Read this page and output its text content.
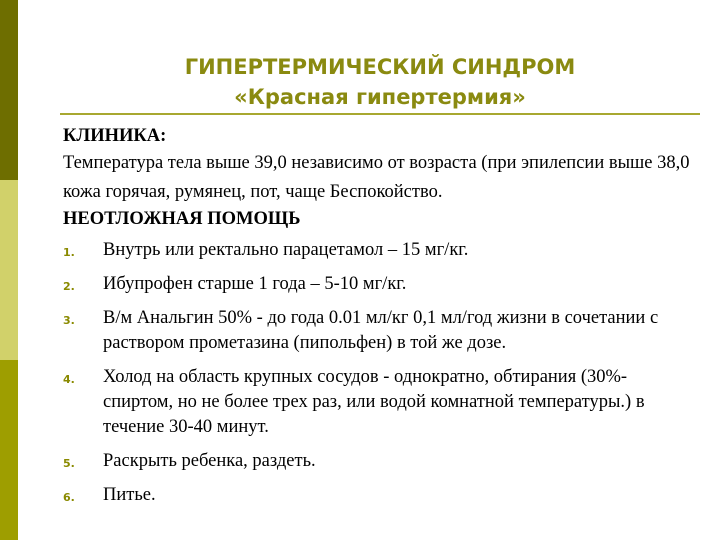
ГИПЕРТЕРМИЧЕСКИЙ СИНДРОМ
«Красная гипертермия»

КЛИНИКА:

Температура тела выше 39,0 независимо от возраста (при эпилепсии выше 38,0 кожа горячая, румянец, пот, чаще Беспокойство.

НЕОТЛОЖНАЯ ПОМОЩЬ

1. Внутрь или ректально парацетамол – 15 мг/кг.
2. Ибупрофен старше 1 года – 5-10 мг/кг.
3. В/м Анальгин 50% - до года 0.01 мл/кг 0,1 мл/год жизни в сочетании с раствором прометазина (пипольфен) в той же дозе.
4. Холод на область крупных сосудов - однократно, обтирания (30%-спиртом, но не более трех раз, или водой комнатной температуры.) в течение 30-40 минут.
5. Раскрыть ребенка, раздеть.
6. Питье.
